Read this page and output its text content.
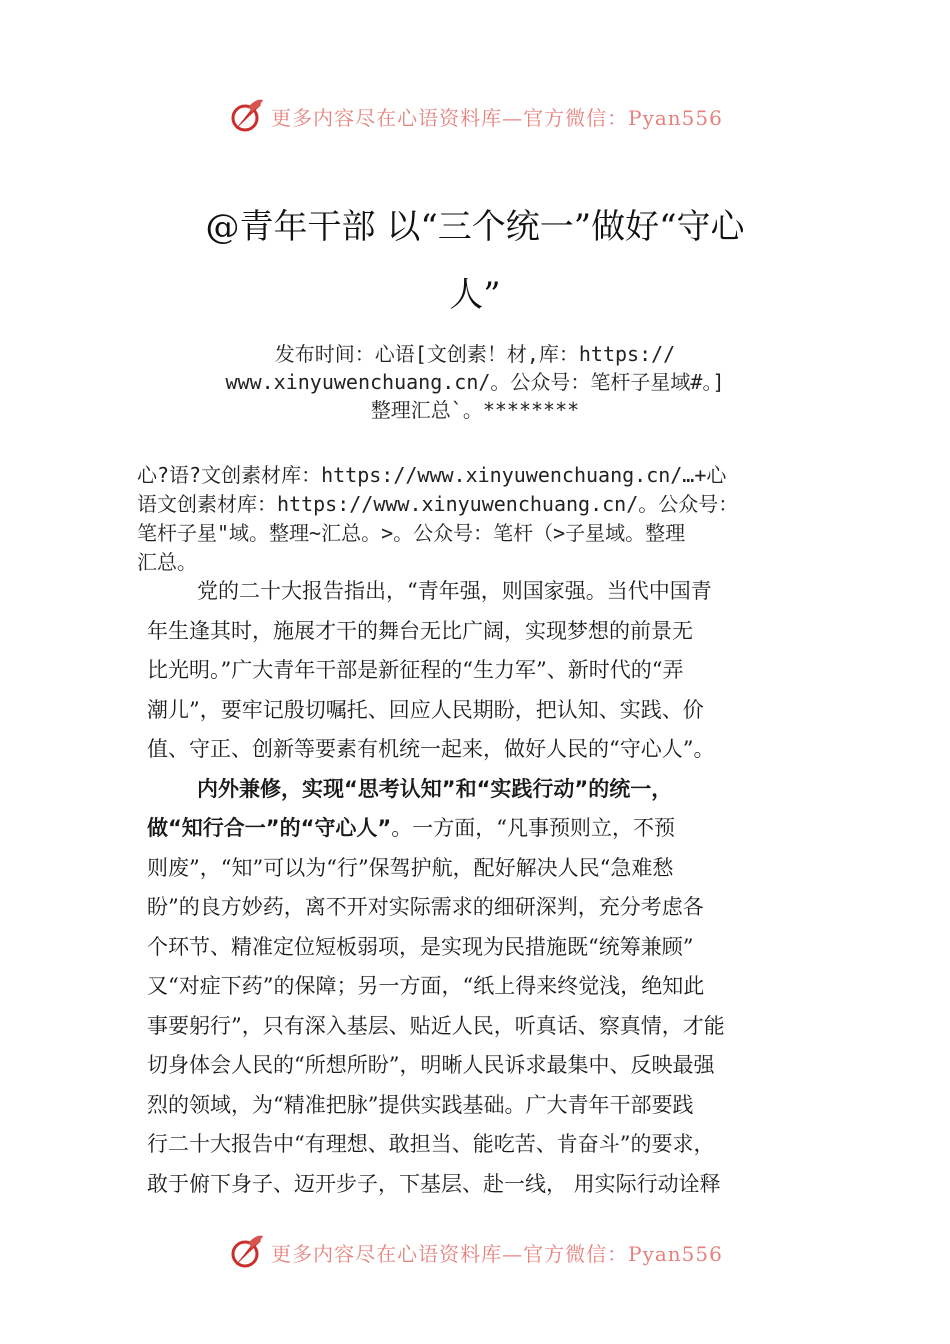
更多内容尽在心语资料库—官方微信：Pyan556
@青年干部 以“三个统一”做好“守心
人”
发布时间：心语[文创素！材,库：https://
www.xinyuwenchuang.cn/。公众号：笔杆子星域#。]
整理汇总`。********
心?语?文创素材库：https://www.xinyuwenchuang.cn/…+心
语文创素材库：https://www.xinyuwenchuang.cn/。公众号：
笔杆子星"域。整理~汇总。>。公众号：笔杆（>子星域。整理
汇总。
党的二十大报告指出，“青年强，则国家强。当代中国青
年生逢其时，施展才干的舞台无比广阔，实现梦想的前景无
比光明。”广大青年干部是新征程的“生力军”、新时代的“弄
潮儿”，要牢记殷切嘱托、回应人民期盼，把认知、实践、价
值、守正、创新等要素有机统一起来，做好人民的“守心人”。
内外兼修，实现“思考认知”和“实践行动”的统一，
做“知行合一”的“守心人”。一方面，“凡事预则立，不预
则废”，“知”可以为“行”保驾护航，配好解决人民“急难愁
盼”的良方妙药，离不开对实际需求的细研深判，充分考虑各
个环节、精准定位短板弱项，是实现为民措施既“统筹兼顾”
又“对症下药”的保障；另一方面，“纸上得来终觉浅，绝知此
事要躬行”，只有深入基层、贴近人民，听真话、察真情，才能
切身体会人民的“所想所盼”，明晰人民诉求最集中、反映最强
烈的领域，为“精准把脉”提供实践基础。广大青年干部要践
行二十大报告中“有理想、敢担当、能吃苦、肯奋斗”的要求，
敢于俯下身子、迈开步子，下基层、赴一线， 用实际行动诠释
更多内容尽在心语资料库—官方微信：Pyan556
